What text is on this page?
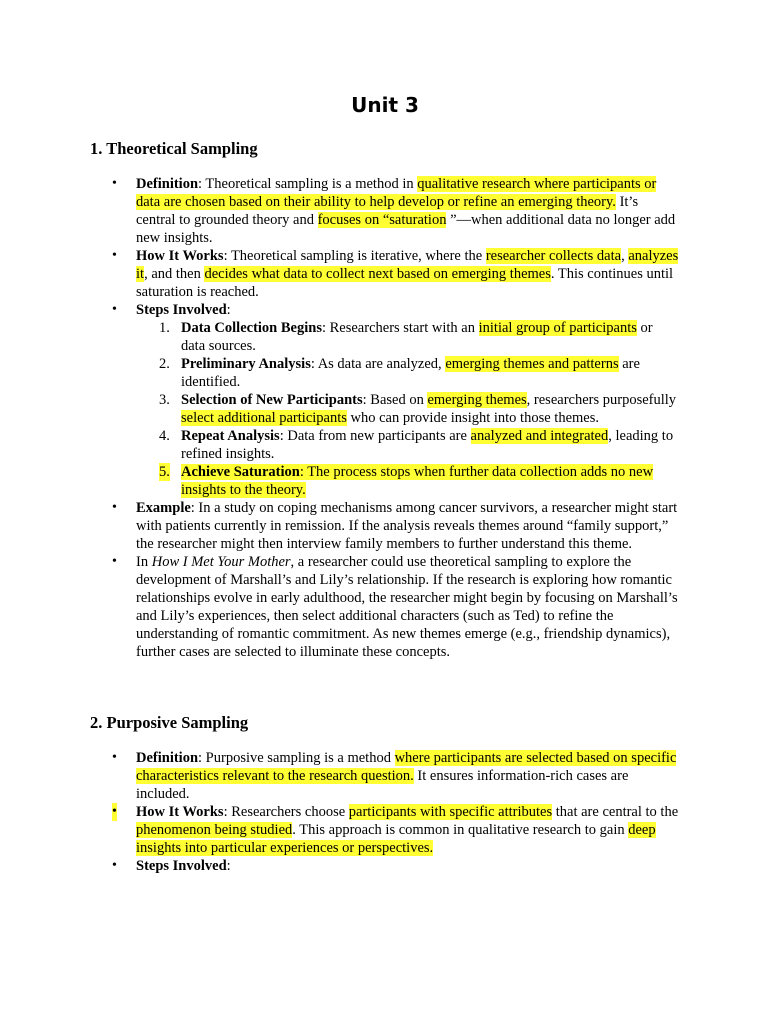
Unit 3
1. Theoretical Sampling
• Definition: Theoretical sampling is a method in qualitative research where participants or data are chosen based on their ability to help develop or refine an emerging theory. It’s central to grounded theory and focuses on “saturation ”—when additional data no longer add new insights.
• How It Works: Theoretical sampling is iterative, where the researcher collects data, analyzes it, and then decides what data to collect next based on emerging themes. This continues until saturation is reached.
• Steps Involved:
1. Data Collection Begins: Researchers start with an initial group of participants or data sources.
2. Preliminary Analysis: As data are analyzed, emerging themes and patterns are identified.
3. Selection of New Participants: Based on emerging themes, researchers purposefully select additional participants who can provide insight into those themes.
4. Repeat Analysis: Data from new participants are analyzed and integrated, leading to refined insights.
5. Achieve Saturation: The process stops when further data collection adds no new insights to the theory.
• Example: In a study on coping mechanisms among cancer survivors, a researcher might start with patients currently in remission. If the analysis reveals themes around “family support,” the researcher might then interview family members to further understand this theme.
• In How I Met Your Mother, a researcher could use theoretical sampling to explore the development of Marshall’s and Lily’s relationship. If the research is exploring how romantic relationships evolve in early adulthood, the researcher might begin by focusing on Marshall’s and Lily’s experiences, then select additional characters (such as Ted) to refine the understanding of romantic commitment. As new themes emerge (e.g., friendship dynamics), further cases are selected to illuminate these concepts.
2. Purposive Sampling
• Definition: Purposive sampling is a method where participants are selected based on specific characteristics relevant to the research question. It ensures information-rich cases are included.
• How It Works: Researchers choose participants with specific attributes that are central to the phenomenon being studied. This approach is common in qualitative research to gain deep insights into particular experiences or perspectives.
• Steps Involved:
